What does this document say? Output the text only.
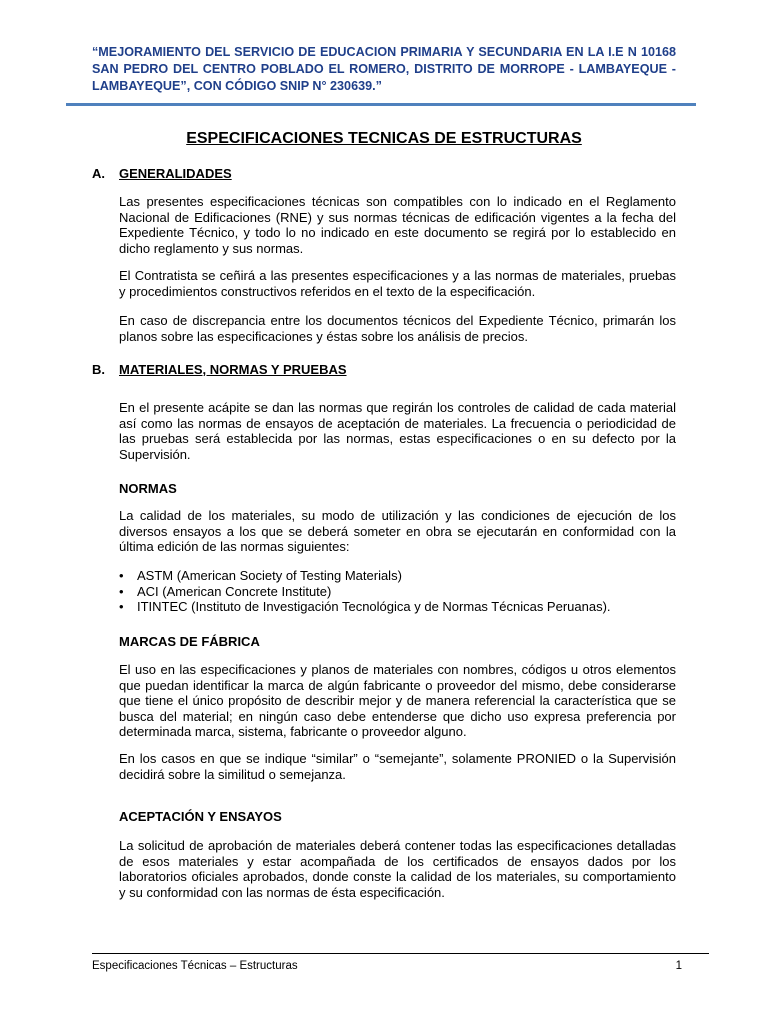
“MEJORAMIENTO DEL SERVICIO DE EDUCACION PRIMARIA Y SECUNDARIA EN LA I.E N 10168 SAN PEDRO DEL CENTRO POBLADO EL ROMERO, DISTRITO DE MORROPE - LAMBAYEQUE - LAMBAYEQUE”, CON CÓDIGO SNIP N° 230639.”
ESPECIFICACIONES TECNICAS DE ESTRUCTURAS
A. GENERALIDADES

Las presentes especificaciones técnicas son compatibles con lo indicado en el Reglamento Nacional de Edificaciones (RNE) y sus normas técnicas de edificación vigentes a la fecha del Expediente Técnico, y todo lo no indicado en este documento se regirá por lo establecido en dicho reglamento y sus normas.

El Contratista se ceñirá a las presentes especificaciones y a las normas de materiales, pruebas y procedimientos constructivos referidos en el texto de la especificación.

En caso de discrepancia entre los documentos técnicos del Expediente Técnico, primarán los planos sobre las especificaciones y éstas sobre los análisis de precios.

B. MATERIALES, NORMAS Y PRUEBAS

En el presente acápite se dan las normas que regirán los controles de calidad de cada material así como las normas de ensayos de aceptación de materiales. La frecuencia o periodicidad de las pruebas será establecida por las normas, estas especificaciones o en su defecto por la Supervisión.

NORMAS

La calidad de los materiales, su modo de utilización y las condiciones de ejecución de los diversos ensayos a los que se deberá someter en obra se ejecutarán en conformidad con la última edición de las normas siguientes:

• ASTM (American Society of Testing Materials)
• ACI (American Concrete Institute)
• ITINTEC (Instituto de Investigación Tecnológica y de Normas Técnicas Peruanas).
MARCAS DE FÁBRICA

El uso en las especificaciones y planos de materiales con nombres, códigos u otros elementos que puedan identificar la marca de algún fabricante o proveedor del mismo, debe considerarse que tiene el único propósito de describir mejor y de manera referencial la característica que se busca del material; en ningún caso debe entenderse que dicho uso expresa preferencia por determinada marca, sistema, fabricante o proveedor alguno.

En los casos en que se indique “similar” o “semejante”, solamente PRONIED o la Supervisión decidirá sobre la similitud o semejanza.

ACEPTACIÓN Y ENSAYOS

La solicitud de aprobación de materiales deberá contener todas las especificaciones detalladas de esos materiales y estar acompañada de los certificados de ensayos dados por los laboratorios oficiales aprobados, donde conste la calidad de los materiales, su comportamiento y su conformidad con las normas de ésta especificación.

Especificaciones Técnicas – Estructuras	1
